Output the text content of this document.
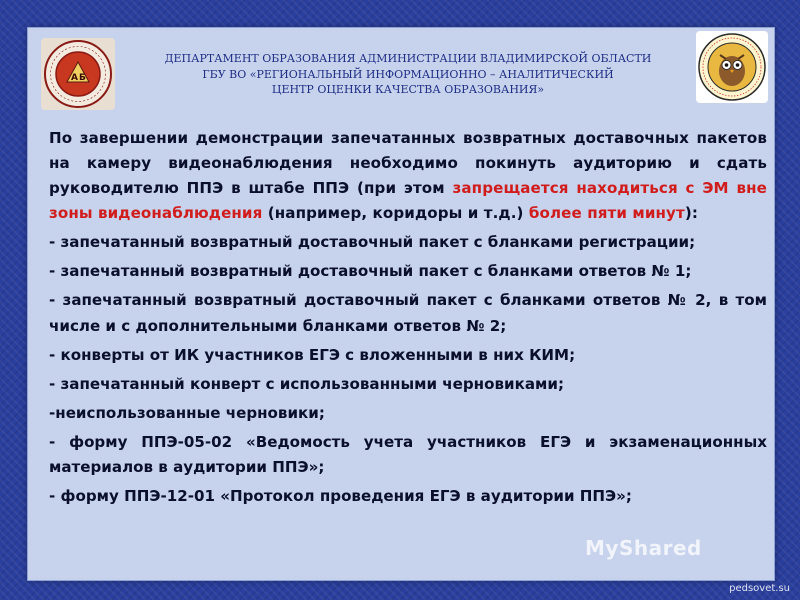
А Б
ДЕПАРТАМЕНТ ОБРАЗОВАНИЯ АДМИНИСТРАЦИИ ВЛАДИМИРСКОЙ ОБЛАСТИ
ГБУ ВО «РЕГИОНАЛЬНЫЙ ИНФОРМАЦИОННО – АНАЛИТИЧЕСКИЙ
ЦЕНТР ОЦЕНКИ КАЧЕСТВА ОБРАЗОВАНИЯ»

По завершении демонстрации запечатанных возвратных доставочных пакетов на камеру видеонаблюдения необходимо покинуть аудиторию и сдать руководителю ППЭ в штабе ППЭ (при этом запрещается находиться с ЭМ вне зоны видеонаблюдения (например, коридоры и т.д.) более пяти минут):

- запечатанный возвратный доставочный пакет с бланками регистрации;
- запечатанный возвратный доставочный пакет с бланками ответов № 1;
- запечатанный возвратный доставочный пакет с бланками ответов № 2, в том числе и с дополнительными бланками ответов № 2;
- конверты от ИК участников ЕГЭ с вложенными в них КИМ;
- запечатанный конверт с использованными черновиками;
-неиспользованные черновики;
- форму ППЭ-05-02 «Ведомость учета участников ЕГЭ и экзаменационных материалов в аудитории ППЭ»;
- форму ППЭ-12-01 «Протокол проведения ЕГЭ в аудитории ППЭ»;
MyShared
pedsovet.su
